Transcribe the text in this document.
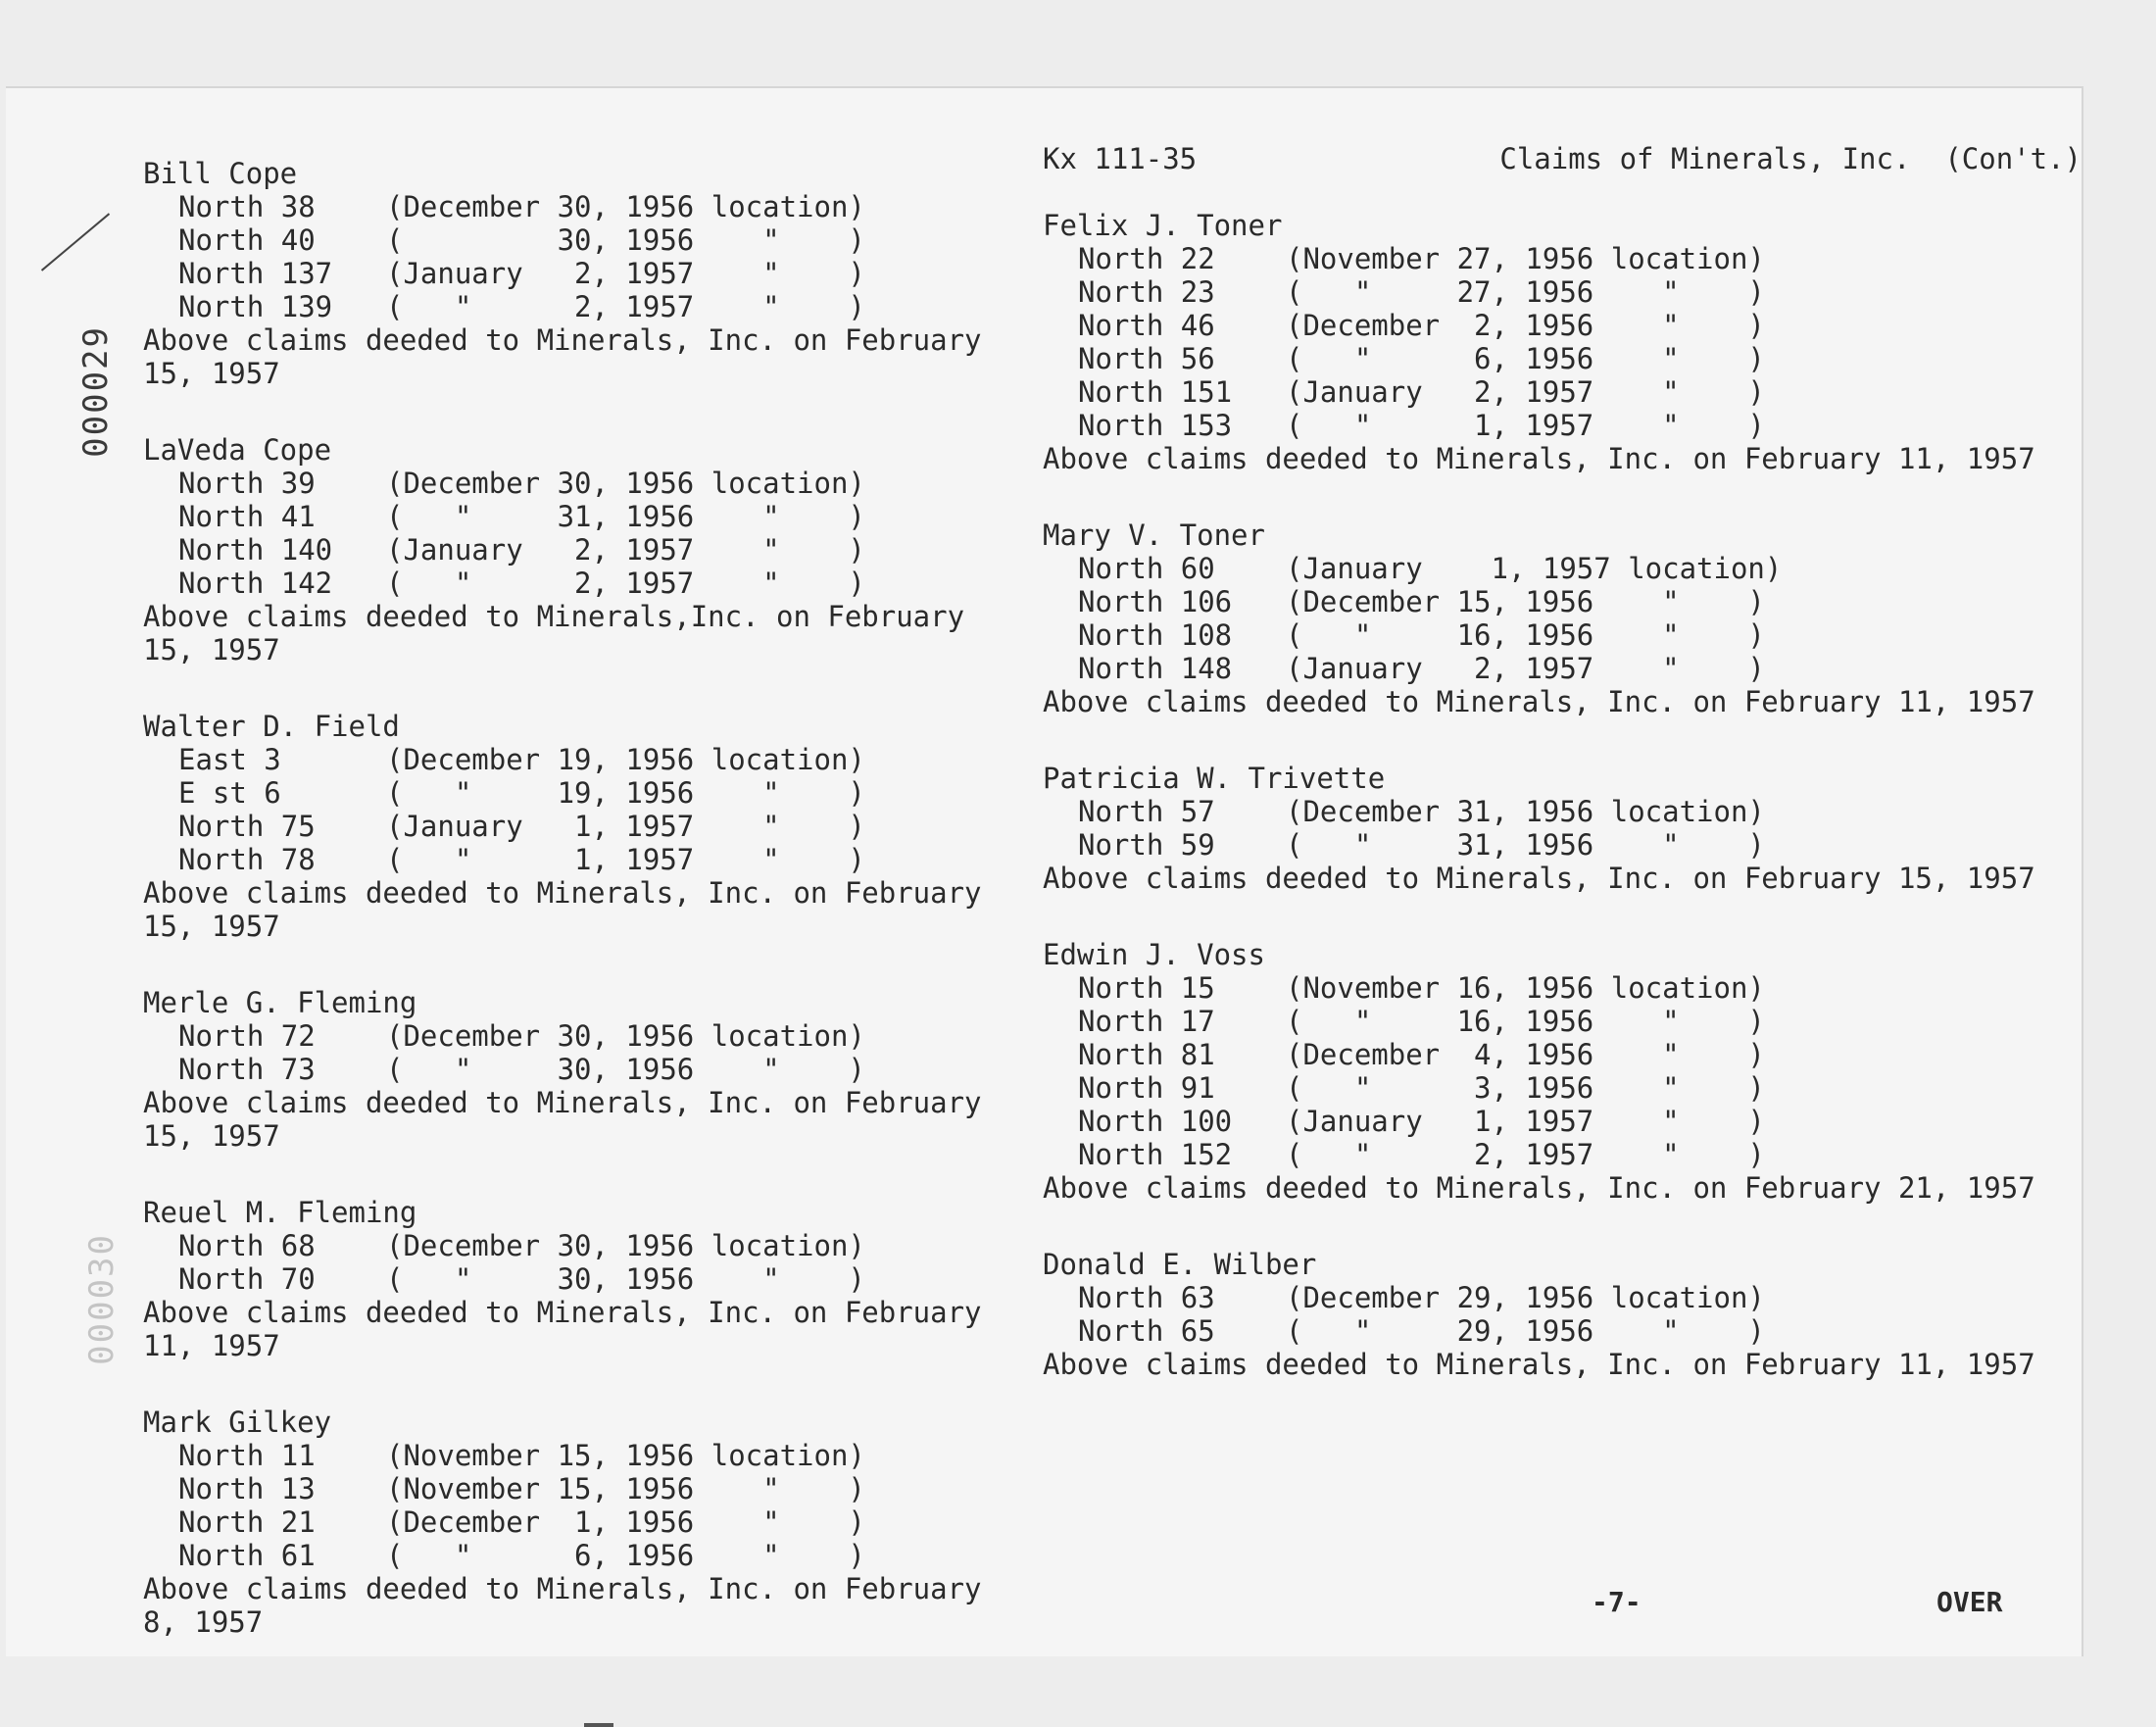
000029
000030
Bill Cope
North 38	(December 30, 1956 location)
North 40	(         30, 1956    "    )
North 137	(January   2, 1957    "    )
North 139	(   "      2, 1957    "    )
Above claims deeded to Minerals, Inc. on February 15, 1957
LaVeda Cope
North 39	(December 30, 1956 location)
North 41	(   "     31, 1956    "    )
North 140	(January   2, 1957    "    )
North 142	(   "      2, 1957    "    )
Above claims deeded to Minerals,Inc. on February 15, 1957
Walter D. Field
East 3	(December 19, 1956 location)
E st 6	(   "     19, 1956    "    )
North 75	(January   1, 1957    "    )
North 78	(   "      1, 1957    "    )
Above claims deeded to Minerals, Inc. on February 15, 1957
Merle G. Fleming
North 72	(December 30, 1956 location)
North 73	(   "     30, 1956    "    )
Above claims deeded to Minerals, Inc. on February 15, 1957
Reuel M. Fleming
North 68	(December 30, 1956 location)
North 70	(   "     30, 1956    "    )
Above claims deeded to Minerals, Inc. on February 11, 1957
Mark Gilkey
North 11	(November 15, 1956 location)
North 13	(November 15, 1956    "    )
North 21	(December  1, 1956    "    )
North 61	(   "      6, 1956    "    )
Above claims deeded to Minerals, Inc. on February 8, 1957
Kx 111-35	Claims of Minerals, Inc.  (Con't.)
Felix J. Toner
North 22	(November 27, 1956 location)
North 23	(   "     27, 1956    "    )
North 46	(December  2, 1956    "    )
North 56	(   "      6, 1956    "    )
North 151	(January   2, 1957    "    )
North 153	(   "      1, 1957    "    )
Above claims deeded to Minerals, Inc. on February 11, 1957
Mary V. Toner
North 60	(January    1, 1957 location)
North 106	(December 15, 1956    "    )
North 108	(   "     16, 1956    "    )
North 148	(January   2, 1957    "    )
Above claims deeded to Minerals, Inc. on February 11, 1957
Patricia W. Trivette
North 57	(December 31, 1956 location)
North 59	(   "     31, 1956    "    )
Above claims deeded to Minerals, Inc. on February 15, 1957
Edwin J. Voss
North 15	(November 16, 1956 location)
North 17	(   "     16, 1956    "    )
North 81	(December  4, 1956    "    )
North 91	(   "      3, 1956    "    )
North 100	(January   1, 1957    "    )
North 152	(   "      2, 1957    "    )
Above claims deeded to Minerals, Inc. on February 21, 1957
Donald E. Wilber
North 63	(December 29, 1956 location)
North 65	(   "     29, 1956    "    )
Above claims deeded to Minerals, Inc. on February 11, 1957
-7-	OVER
